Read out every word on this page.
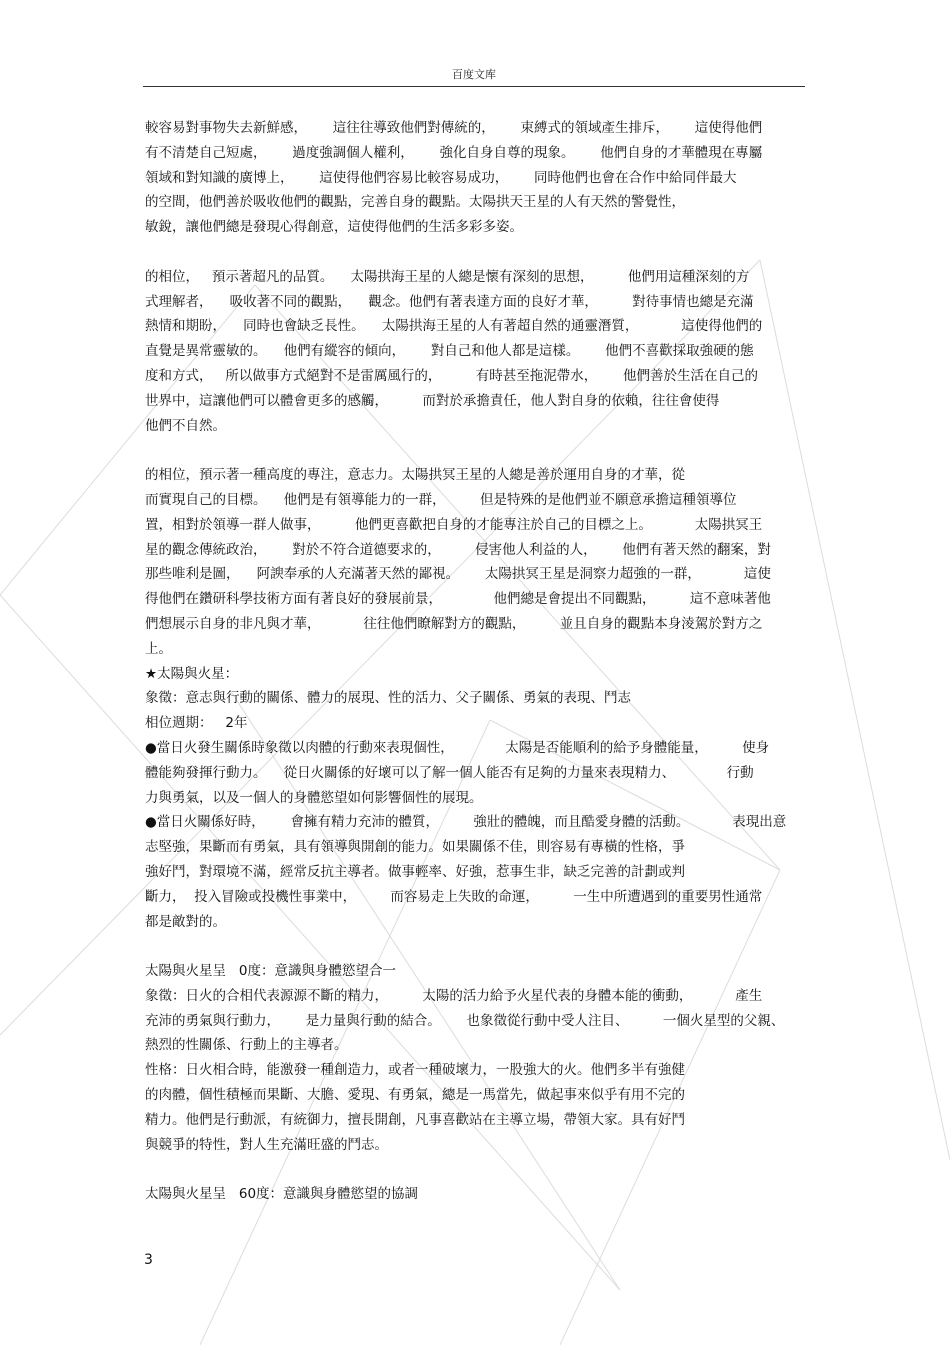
百度文库
較容易對事物失去新鮮感，      這往往導致他們對傳統的，      束縛式的領域產生排斥，      這使得他們
有不清楚自己短處，      過度強調個人權利，      強化自身自尊的現象。      他們自身的才華體現在專屬
領域和對知識的廣博上，      這使得他們容易比較容易成功，      同時他們也會在合作中給同伴最大
的空間，他們善於吸收他們的觀點，完善自身的觀點。太陽拱天王星的人有天然的警覺性，
敏銳，讓他們總是發現心得創意，這使得他們的生活多彩多姿。
的相位，   預示著超凡的品質。    太陽拱海王星的人總是懷有深刻的思想，        他們用這種深刻的方
式理解者，    吸收著不同的觀點，    觀念。他們有著表達方面的良好才華，        對待事情也總是充滿
熱情和期盼，    同時也會缺乏長性。    太陽拱海王星的人有著超自然的通靈潛質，          這使得他們的
直覺是異常靈敏的。    他們有縱容的傾向，      對自己和他人都是這樣。      他們不喜歡採取強硬的態
度和方式，   所以做事方式絕對不是雷厲風行的，        有時甚至拖泥帶水，      他們善於生活在自己的
世界中，這讓他們可以體會更多的感觸，        而對於承擔責任，他人對自身的依賴，往往會使得
他們不自然。
的相位，預示著一種高度的專注，意志力。太陽拱冥王星的人總是善於運用自身的才華，從
而實現自己的目標。    他們是有領導能力的一群，        但是特殊的是他們並不願意承擔這種領導位
置，相對於領導一群人做事，        他們更喜歡把自身的才能專注於自己的目標之上。          太陽拱冥王
星的觀念傳統政治，      對於不符合道德要求的，        侵害他人利益的人，      他們有著天然的翻案，對
那些唯利是圖，    阿諛奉承的人充滿著天然的鄙視。      太陽拱冥王星是洞察力超強的一群，          這使
得他們在鑽研科學技術方面有著良好的發展前景，            他們總是會提出不同觀點，        這不意味著他
們想展示自身的非凡與才華，          往往他們瞭解對方的觀點，        並且自身的觀點本身淩駕於對方之
上。
★太陽與火星：
象徵：意志與行動的關係、體力的展現、性的活力、父子關係、勇氣的表現、鬥志
相位週期：   2年
●當日火發生關係時象徵以肉體的行動來表現個性，            太陽是否能順利的給予身體能量，        使身
體能夠發揮行動力。    從日火關係的好壞可以了解一個人能否有足夠的力量來表現精力、            行動
力與勇氣，以及一個人的身體慾望如何影響個性的展現。
●當日火關係好時，      會擁有精力充沛的體質，        強壯的體魄，而且酷愛身體的活動。          表現出意
志堅強，果斷而有勇氣，具有領導與開創的能力。如果關係不佳，則容易有專橫的性格，爭
強好鬥，對環境不滿，經常反抗主導者。做事輕率、好強，惹事生非，缺乏完善的計劃或判
斷力，  投入冒險或投機性事業中，        而容易走上失敗的命運，        一生中所遭遇到的重要男性通常
都是敵對的。
太陽與火星呈   0度：意識與身體慾望合一
象徵：日火的合相代表源源不斷的精力，        太陽的活力給予火星代表的身體本能的衝動，          產生
充沛的勇氣與行動力，      是力量與行動的結合。      也象徵從行動中受人注目、        一個火星型的父親、
熱烈的性關係、行動上的主導者。
性格：日火相合時，能激發一種創造力，或者一種破壞力，一股強大的火。他們多半有強健
的肉體，個性積極而果斷、大膽、愛現、有勇氣，總是一馬當先，做起事來似乎有用不完的
精力。他們是行動派，有統御力，擅長開創，凡事喜歡站在主導立場，帶領大家。具有好鬥
與競爭的特性，對人生充滿旺盛的鬥志。
太陽與火星呈   60度：意識與身體慾望的協調
3
